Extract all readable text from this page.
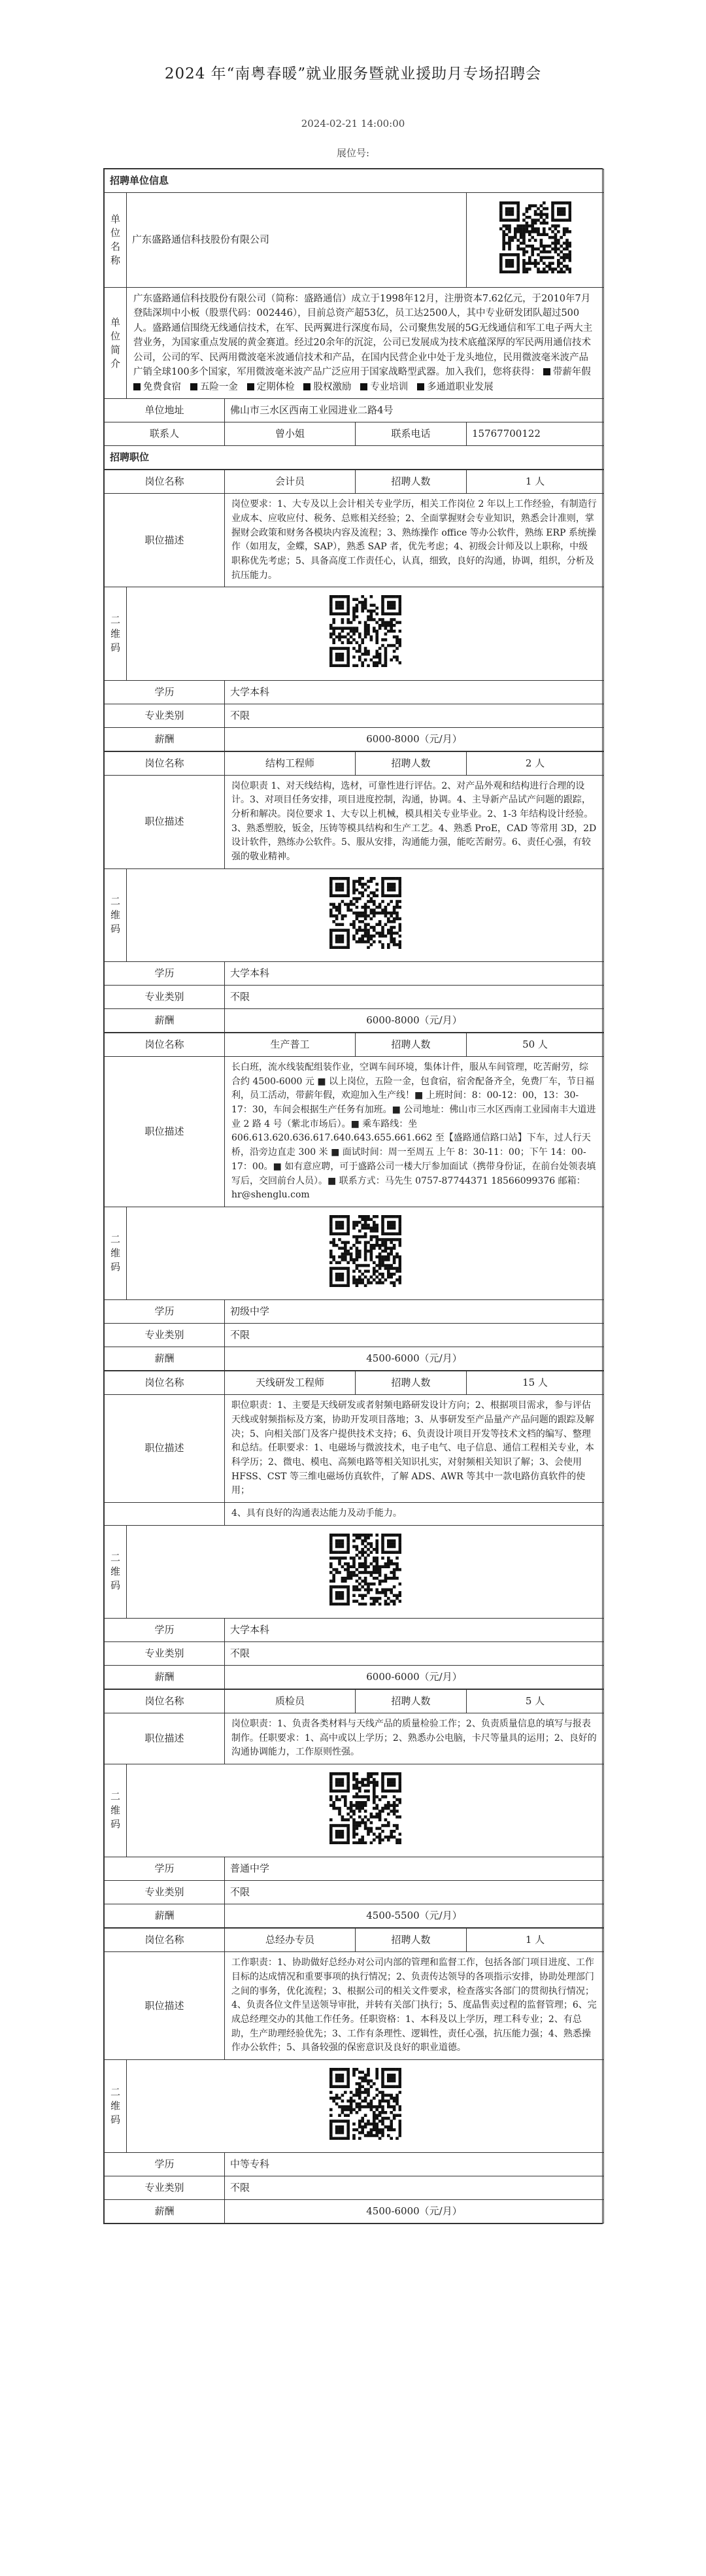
2024 年“南粤春暖”就业服务暨就业援助月专场招聘会
2024-02-21 14:00:00
展位号:
招聘单位信息				
单位名称	广东盛路通信科技股份有限公司	

单位简介	广东盛路通信科技股份有限公司（简称：盛路通信）成立于1998年12月，注册资本7.62亿元，于2010年7月登陆深圳中小板（股票代码：002446），目前总资产超53亿，员工达2500人，其中专业研发团队超过500人。盛路通信围绕无线通信技术，在军、民两翼进行深度布局，公司聚焦发展的5G无线通信和军工电子两大主营业务，为国家重点发展的黄金赛道。经过20余年的沉淀，公司已发展成为技术底蕴深厚的军民两用通信技术公司，公司的军、民两用微波毫米波通信技术和产品，在国内民营企业中处于龙头地位，民用微波毫米波产品广销全球100多个国家，军用微波毫米波产品广泛应用于国家战略型武器。加入我们，您将获得： 带薪年假   免费食宿 五险一金 定期体检 股权激励 专业培训 多通道职业发展			
单位地址		佛山市三水区西南工业园进业二路4号		
联系人		曾小姐	联系电话	15767700122
招聘职位				
岗位名称		会计员	招聘人数	1 人
职位描述		岗位要求：1、大专及以上会计相关专业学历，相关工作岗位 2 年以上工作经验，有制造行业成本、应收应付、税务、总账相关经验；2、全面掌握财会专业知识，熟悉会计准则，掌握财会政策和财务各模块内容及流程；3、熟练操作 office 等办公软件，熟练 ERP 系统操作（如用友，金蝶，SAP），熟悉 SAP 者，优先考虑；4、初级会计师及以上职称，中级职称优先考虑；5、具备高度工作责任心，认真，细致，良好的沟通，协调，组织，分析及抗压能力。		
二维码	

学历		大学本科		
专业类别		不限		
薪酬		6000-8000（元/月）		
岗位名称		结构工程师	招聘人数	2 人
职位描述		岗位职责 1、对天线结构，选材，可靠性进行评估。2、对产品外观和结构进行合理的设计。3、对项目任务安排，项目进度控制，沟通，协调。4、主导新产品试产问题的跟踪，分析和解决。岗位要求 1、大专以上机械，模具相关专业毕业。2、1-3 年结构设计经验。3、熟悉塑胶，钣金，压铸等模具结构和生产工艺。4、熟悉 ProE，CAD 等常用 3D，2D 设计软件，熟练办公软件。5、服从安排，沟通能力强，能吃苦耐劳。6、责任心强，有较强的敬业精神。		
二维码	

学历		大学本科		
专业类别		不限		
薪酬		6000-8000（元/月）		
岗位名称		生产普工	招聘人数	50 人
职位描述		长白班，流水线装配组装作业，空调车间环境，集体计件，服从车间管理，吃苦耐劳，综合约 4500-6000 元 ■ 以上岗位，五险一金，包食宿，宿舍配备齐全，免费厂车，节日福利，员工活动，带薪年假，欢迎加入生产线！■ 上班时间：8：00-12：00，13：30-17：30，车间会根据生产任务有加班。■ 公司地址：佛山市三水区西南工业园南丰大道进业 2 路 4 号（紫北市场后）。■ 乘车路线：坐 606.613.620.636.617.640.643.655.661.662 至【盛路通信路口站】下车，过人行天桥，沿旁边直走 300 米 ■ 面试时间：周一至周五 上午 8：30-11：00；下午 14：00-17：00。■ 如有意应聘，可于盛路公司一楼大厅参加面试（携带身份证，在前台处领表填写后，交回前台人员）。■ 联系方式：马先生 0757-87744371 18566099376 邮箱：hr@shenglu.com		
二维码	

学历		初级中学		
专业类别		不限		
薪酬		4500-6000（元/月）		
岗位名称		天线研发工程师	招聘人数	15 人
职位描述		职位职责：1、主要是天线研发或者射频电路研发设计方向；2、根据项目需求，参与评估天线或射频指标及方案，协助开发项目落地；3、从事研发至产品量产产品问题的跟踪及解决；5、向相关部门及客户提供技术支持；6、负责设计项目开发等技术文档的编写、整理和总结。任职要求：1、电磁场与微波技术，电子电气、电子信息、通信工程相关专业，本科学历；2、微电、模电、高频电路等相关知识扎实，对射频相关知识了解；3、会使用 HFSS、CST 等三维电磁场仿真软件，了解 ADS、AWR 等其中一款电路仿真软件的使用；		
		4、具有良好的沟通表达能力及动手能力。		
二维码	

学历		大学本科		
专业类别		不限		
薪酬		6000-6000（元/月）		
岗位名称		质检员	招聘人数	5 人
职位描述		岗位职责：1、负责各类材料与天线产品的质量检验工作；2、负责质量信息的填写与报表制作。任职要求：1、高中或以上学历；2、熟悉办公电脑，卡尺等量具的运用；2、良好的沟通协调能力，工作原则性强。		
二维码	

学历		普通中学		
专业类别		不限		
薪酬		4500-5500（元/月）		
岗位名称		总经办专员	招聘人数	1 人
职位描述		工作职责：1、协助做好总经办对公司内部的管理和监督工作，包括各部门项目进度、工作目标的达成情况和重要事项的执行情况；2、负责传达领导的各项指示安排，协助处理部门之间的事务，优化流程；3、根据公司的相关文件要求，检查落实各部门的贯彻执行情况；4、负责各位文件呈送领导审批，并转有关部门执行；5、度晶售卖过程的监督管理；6、完成总经理交办的其他工作任务。任职资格：1、本科及以上学历，理工科专业；2、有总助，生产助理经验优先；3、工作有条理性、逻辑性，责任心强，抗压能力强；4、熟悉操作办公软件；5、具备较强的保密意识及良好的职业道德。		
二维码	

学历		中等专科		
专业类别		不限		
薪酬		4500-6000（元/月）		
